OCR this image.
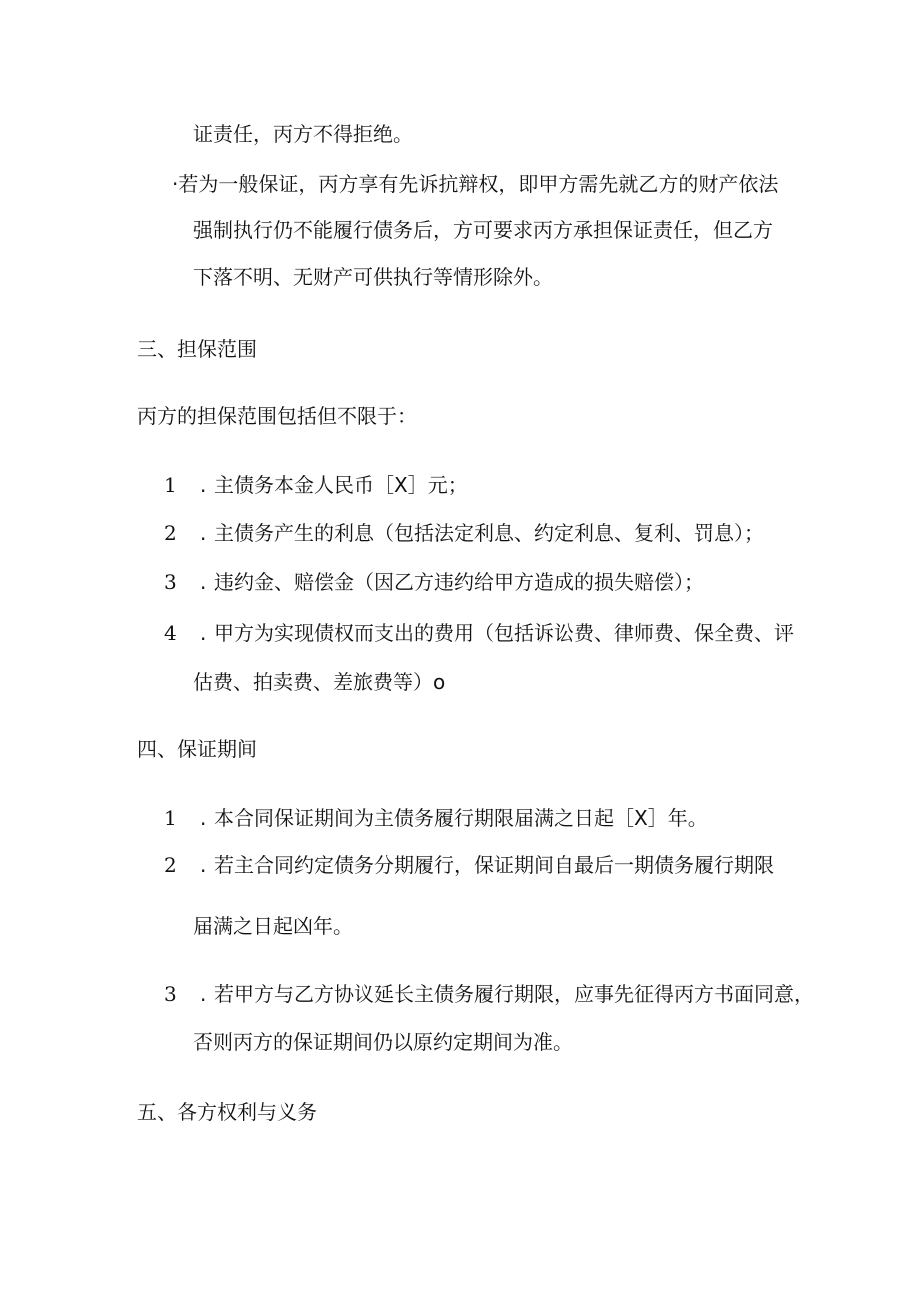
证责任，丙方不得拒绝。
·若为一般保证，丙方享有先诉抗辩权，即甲方需先就乙方的财产依法
强制执行仍不能履行债务后，方可要求丙方承担保证责任，但乙方
下落不明、无财产可供执行等情形除外。
三、担保范围
丙方的担保范围包括但不限于：
1 . 主债务本金人民币［X］元；
2 . 主债务产生的利息（包括法定利息、约定利息、复利、罚息）；
3 . 违约金、赔偿金（因乙方违约给甲方造成的损失赔偿）；
4 . 甲方为实现债权而支出的费用（包括诉讼费、律师费、保全费、评
估费、拍卖费、差旅费等）o
四、保证期间
1 . 本合同保证期间为主债务履行期限届满之日起［X］年。
2 . 若主合同约定债务分期履行，保证期间自最后一期债务履行期限
届满之日起凶年。
3 . 若甲方与乙方协议延长主债务履行期限，应事先征得丙方书面同意，
否则丙方的保证期间仍以原约定期间为准。
五、各方权利与义务
